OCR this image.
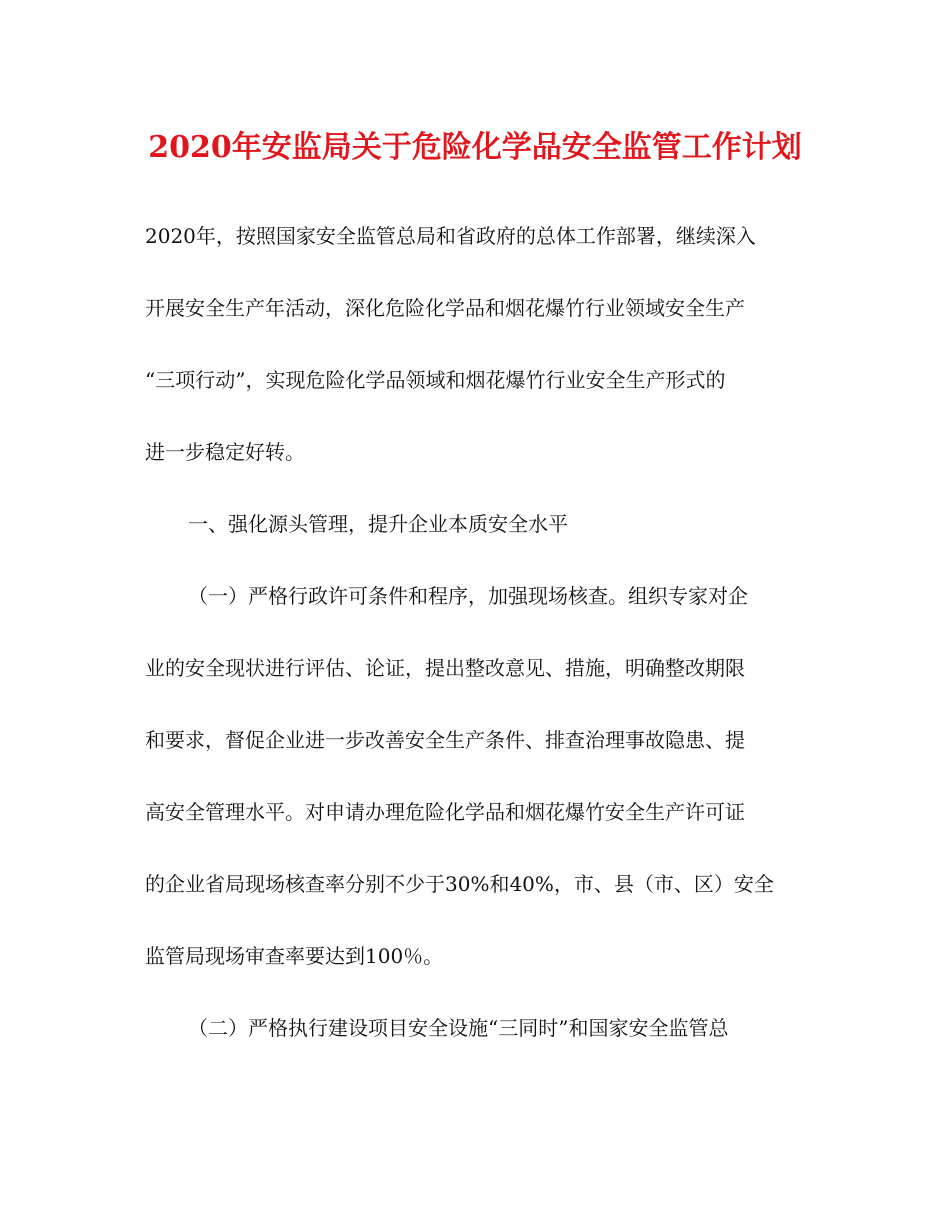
2020年安监局关于危险化学品安全监管工作计划
2020年，按照国家安全监管总局和省政府的总体工作部署，继续深入
开展安全生产年活动，深化危险化学品和烟花爆竹行业领域安全生产
“三项行动”，实现危险化学品领域和烟花爆竹行业安全生产形式的
进一步稳定好转。
一、强化源头管理，提升企业本质安全水平
（一）严格行政许可条件和程序，加强现场核查。组织专家对企
业的安全现状进行评估、论证，提出整改意见、措施，明确整改期限
和要求，督促企业进一步改善安全生产条件、排查治理事故隐患、提
高安全管理水平。对申请办理危险化学品和烟花爆竹安全生产许可证
的企业省局现场核查率分别不少于30%和40%，市、县（市、区）安全
监管局现场审查率要达到100％。
（二）严格执行建设项目安全设施“三同时”和国家安全监管总
